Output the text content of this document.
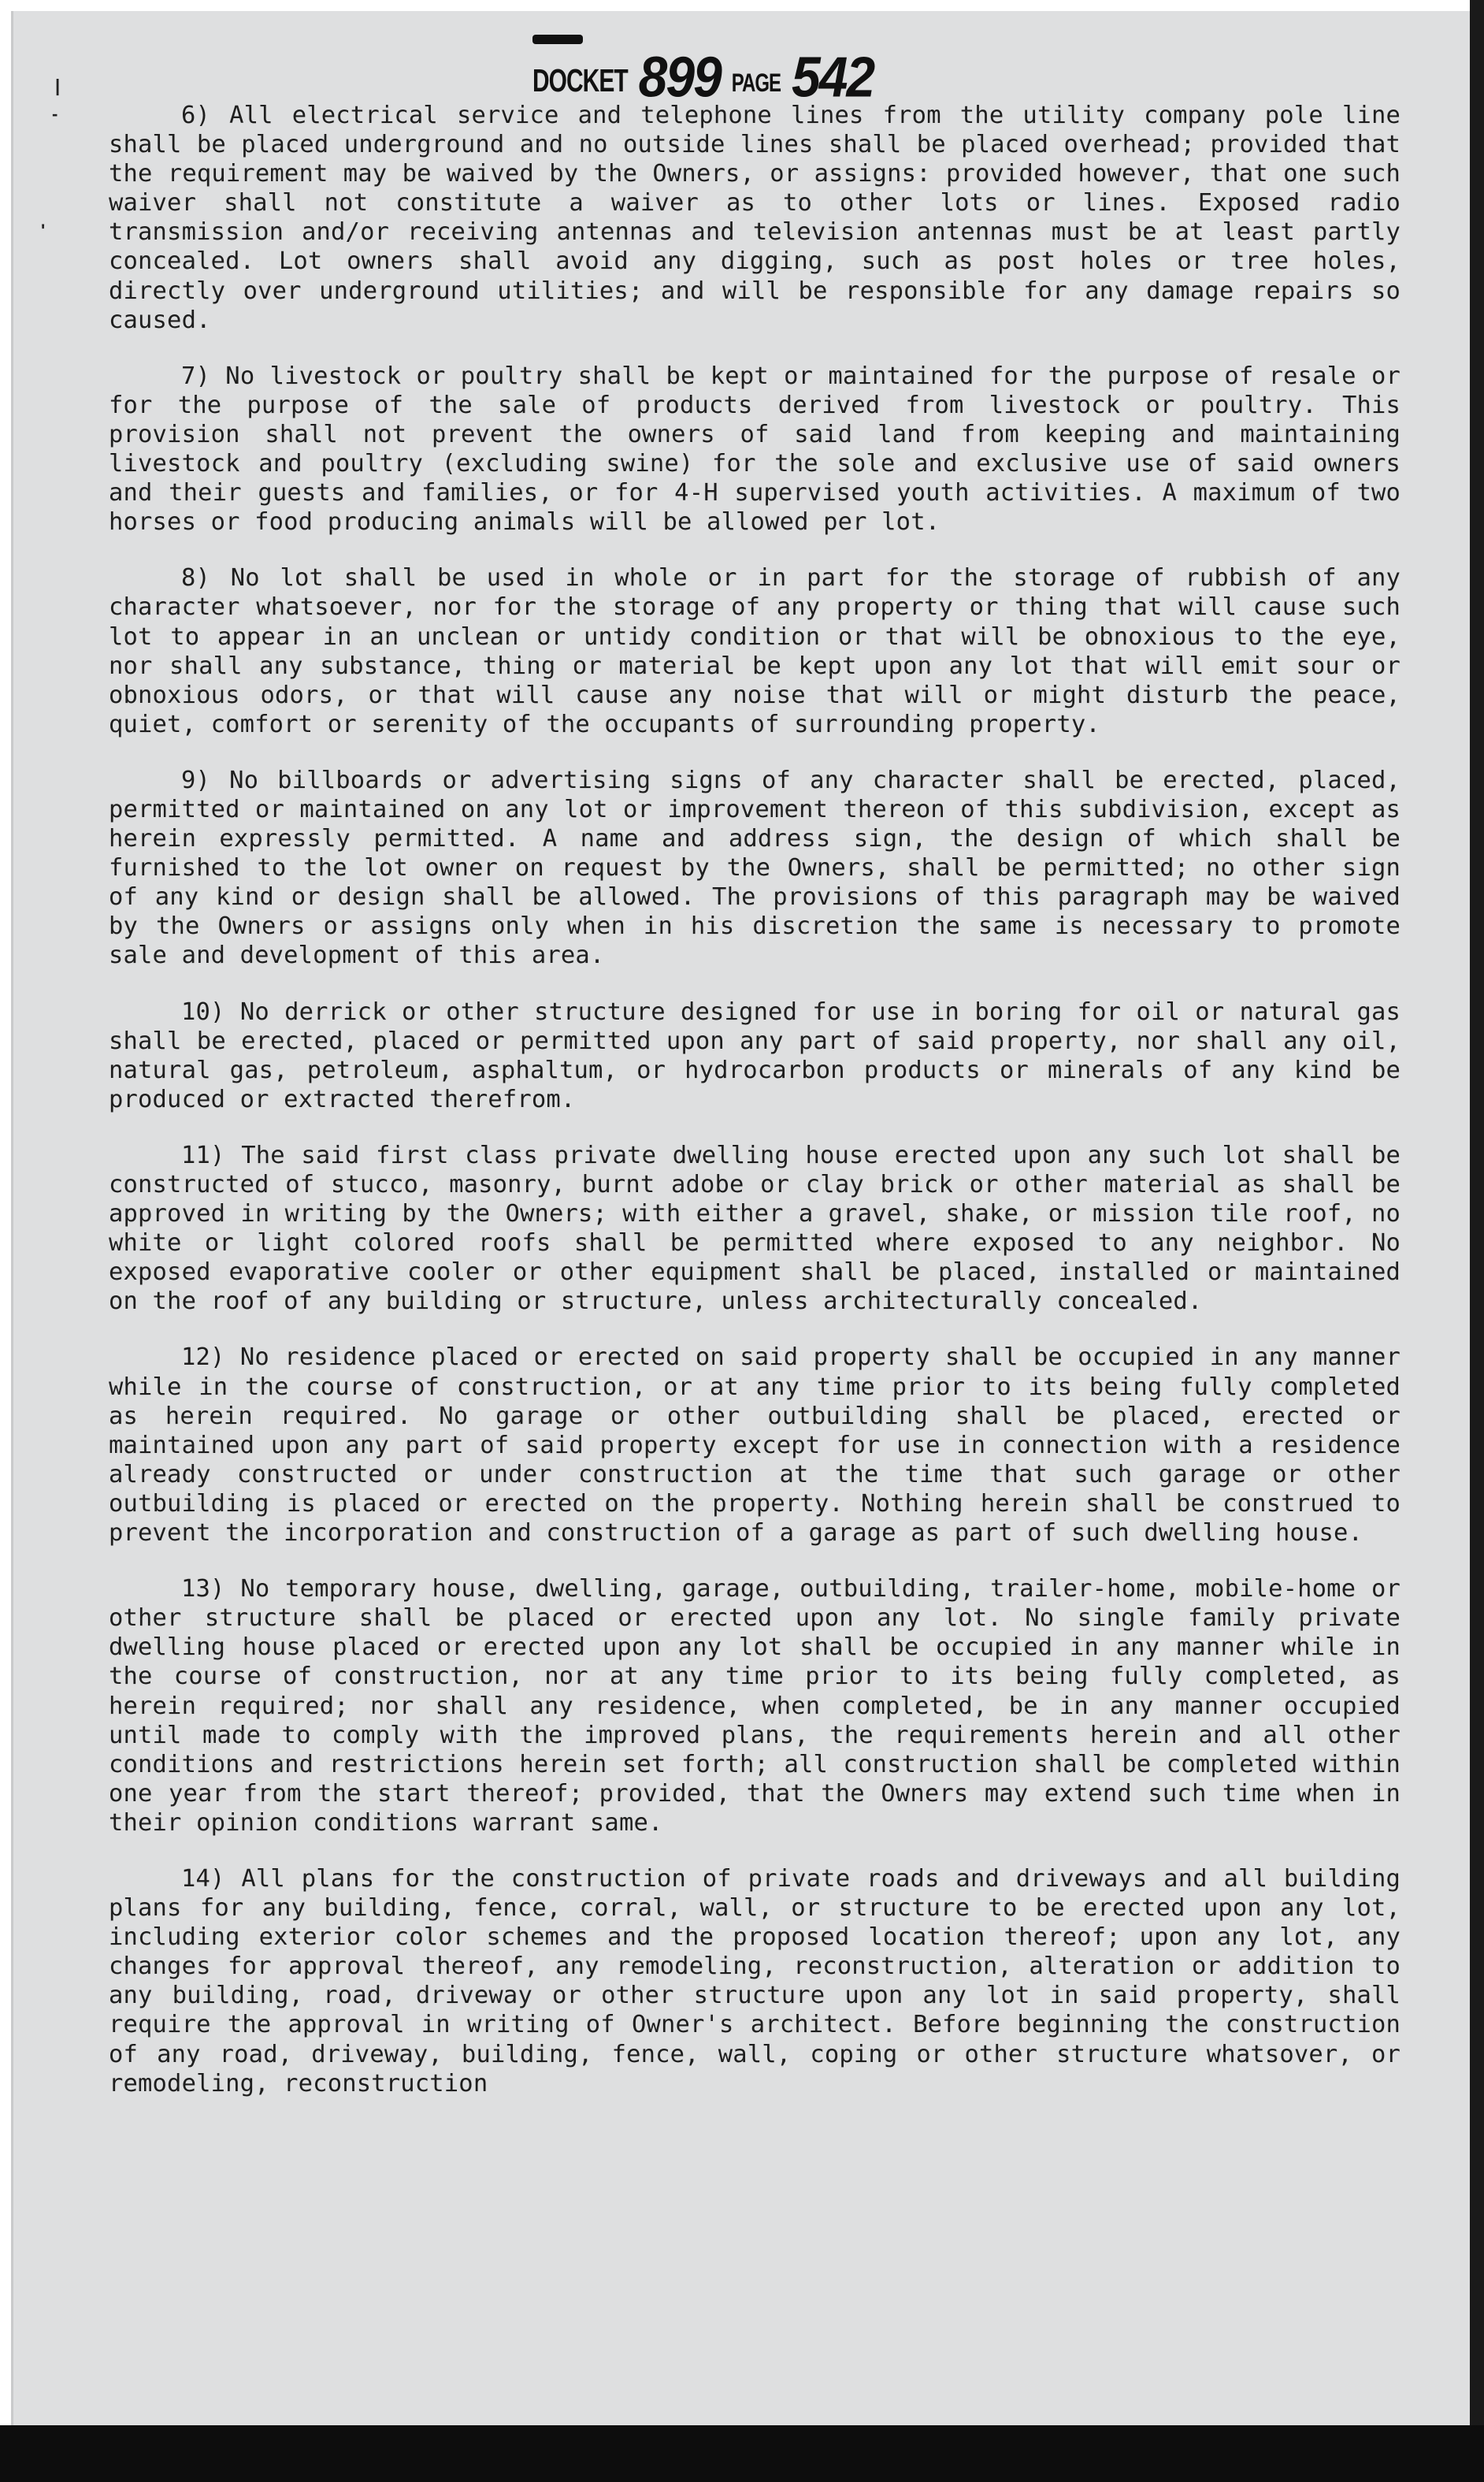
|
-
'
DOCKET 899 PAGE 542

6) All electrical service and telephone lines from the utility company pole line shall be placed underground and no outside lines shall be placed overhead; provided that the requirement may be waived by the Owners, or assigns: provided however, that one such waiver shall not constitute a waiver as to other lots or lines. Exposed radio transmission and/or receiving antennas and television antennas must be at least partly concealed. Lot owners shall avoid any digging, such as post holes or tree holes, directly over underground utilities; and will be responsible for any damage repairs so caused.

7) No livestock or poultry shall be kept or maintained for the purpose of resale or for the purpose of the sale of products derived from livestock or poultry. This provision shall not prevent the owners of said land from keeping and maintaining livestock and poultry (excluding swine) for the sole and exclusive use of said owners and their guests and families, or for 4-H supervised youth activities. A maximum of two horses or food producing animals will be allowed per lot.

8) No lot shall be used in whole or in part for the storage of rubbish of any character whatsoever, nor for the storage of any property or thing that will cause such lot to appear in an unclean or untidy condition or that will be obnoxious to the eye, nor shall any substance, thing or material be kept upon any lot that will emit sour or obnoxious odors, or that will cause any noise that will or might disturb the peace, quiet, comfort or serenity of the occupants of surrounding property.

9) No billboards or advertising signs of any character shall be erected, placed, permitted or maintained on any lot or improvement thereon of this subdivision, except as herein expressly permitted. A name and address sign, the design of which shall be furnished to the lot owner on request by the Owners, shall be permitted; no other sign of any kind or design shall be allowed. The provisions of this paragraph may be waived by the Owners or assigns only when in his discretion the same is necessary to promote sale and development of this area.

10) No derrick or other structure designed for use in boring for oil or natural gas shall be erected, placed or permitted upon any part of said property, nor shall any oil, natural gas, petroleum, asphaltum, or hydrocarbon products or minerals of any kind be produced or extracted therefrom.

11) The said first class private dwelling house erected upon any such lot shall be constructed of stucco, masonry, burnt adobe or clay brick or other material as shall be approved in writing by the Owners; with either a gravel, shake, or mission tile roof, no white or light colored roofs shall be permitted where exposed to any neighbor. No exposed evaporative cooler or other equipment shall be placed, installed or maintained on the roof of any building or structure, unless architecturally concealed.

12) No residence placed or erected on said property shall be occupied in any manner while in the course of construction, or at any time prior to its being fully completed as herein required. No garage or other outbuilding shall be placed, erected or maintained upon any part of said property except for use in connection with a residence already constructed or under construction at the time that such garage or other outbuilding is placed or erected on the property. Nothing herein shall be construed to prevent the incorporation and construction of a garage as part of such dwelling house.

13) No temporary house, dwelling, garage, outbuilding, trailer-home, mobile-home or other structure shall be placed or erected upon any lot. No single family private dwelling house placed or erected upon any lot shall be occupied in any manner while in the course of construction, nor at any time prior to its being fully completed, as herein required; nor shall any residence, when completed, be in any manner occupied until made to comply with the improved plans, the requirements herein and all other conditions and restrictions herein set forth; all construction shall be completed within one year from the start thereof; provided, that the Owners may extend such time when in their opinion conditions warrant same.

14) All plans for the construction of private roads and driveways and all building plans for any building, fence, corral, wall, or structure to be erected upon any lot, including exterior color schemes and the proposed location thereof; upon any lot, any changes for approval thereof, any remodeling, reconstruction, alteration or addition to any building, road, driveway or other structure upon any lot in said property, shall require the approval in writing of Owner's architect. Before beginning the construction of any road, driveway, building, fence, wall, coping or other structure whatsover, or remodeling, reconstruction
